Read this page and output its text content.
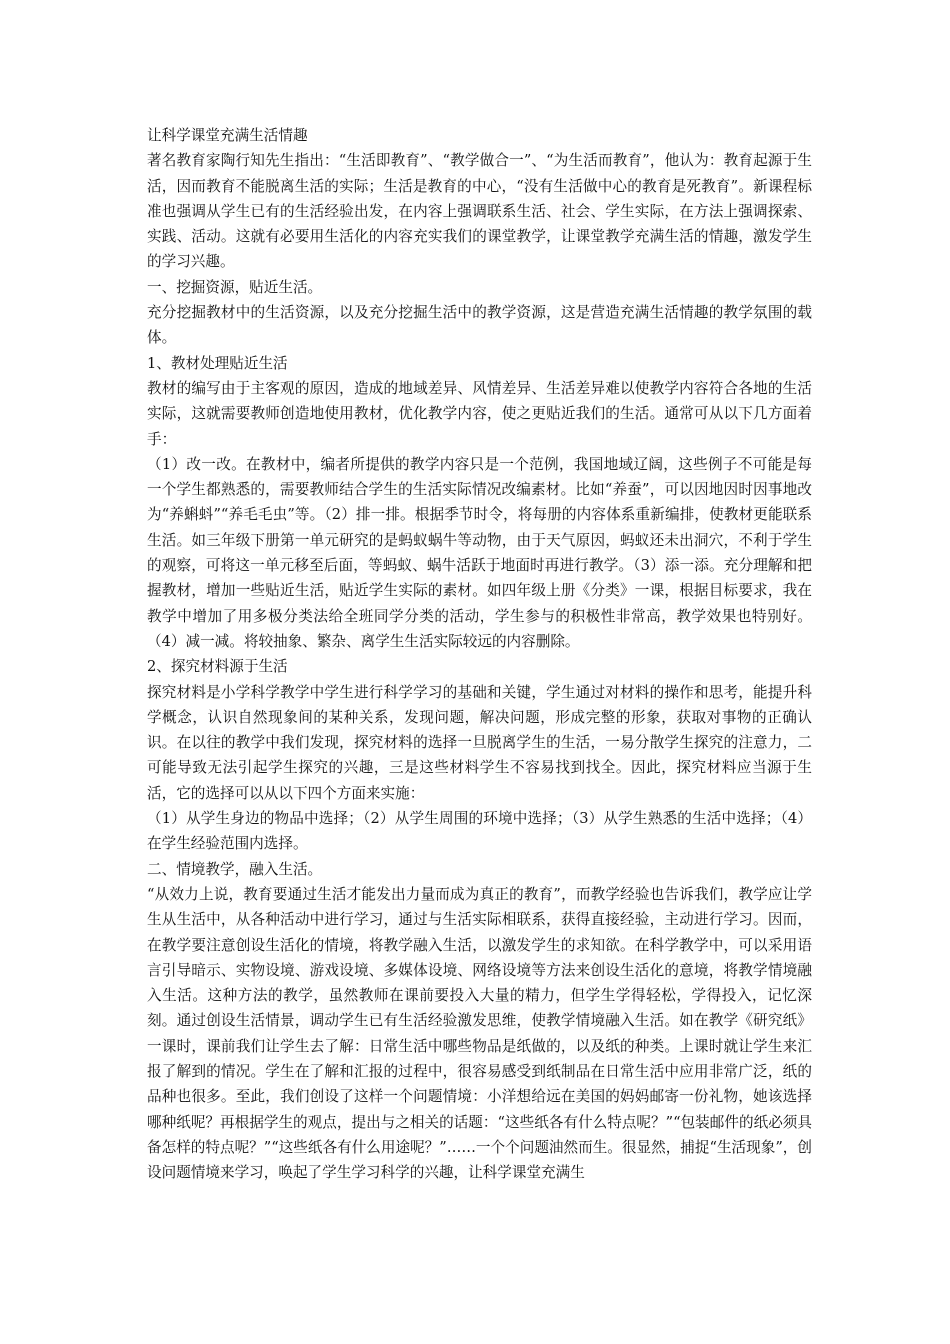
让科学课堂充满生活情趣

著名教育家陶行知先生指出：“生活即教育”、“教学做合一”、“为生活而教育”，他认为：教育起源于生活，因而教育不能脱离生活的实际；生活是教育的中心，“没有生活做中心的教育是死教育”。新课程标准也强调从学生已有的生活经验出发，在内容上强调联系生活、社会、学生实际，在方法上强调探索、实践、活动。这就有必要用生活化的内容充实我们的课堂教学，让课堂教学充满生活的情趣，激发学生的学习兴趣。

一、挖掘资源，贴近生活。

充分挖掘教材中的生活资源，以及充分挖掘生活中的教学资源，这是营造充满生活情趣的教学氛围的载体。

1、教材处理贴近生活

教材的编写由于主客观的原因，造成的地域差异、风情差异、生活差异难以使教学内容符合各地的生活实际，这就需要教师创造地使用教材，优化教学内容，使之更贴近我们的生活。通常可从以下几方面着手：

（1）改一改。在教材中，编者所提供的教学内容只是一个范例，我国地域辽阔，这些例子不可能是每一个学生都熟悉的，需要教师结合学生的生活实际情况改编素材。比如“养蚕”，可以因地因时因事地改为“养蝌蚪”“养毛毛虫”等。（2）排一排。根据季节时令，将每册的内容体系重新编排，使教材更能联系生活。如三年级下册第一单元研究的是蚂蚁蜗牛等动物，由于天气原因，蚂蚁还未出洞穴，不利于学生的观察，可将这一单元移至后面，等蚂蚁、蜗牛活跃于地面时再进行教学。（3）添一添。充分理解和把握教材，增加一些贴近生活，贴近学生实际的素材。如四年级上册《分类》一课，根据目标要求，我在教学中增加了用多极分类法给全班同学分类的活动，学生参与的积极性非常高，教学效果也特别好。（4）减一减。将较抽象、繁杂、离学生生活实际较远的内容删除。

2、探究材料源于生活

探究材料是小学科学教学中学生进行科学学习的基础和关键，学生通过对材料的操作和思考，能提升科学概念，认识自然现象间的某种关系，发现问题，解决问题，形成完整的形象，获取对事物的正确认识。在以往的教学中我们发现，探究材料的选择一旦脱离学生的生活，一易分散学生探究的注意力，二可能导致无法引起学生探究的兴趣，三是这些材料学生不容易找到找全。因此，探究材料应当源于生活，它的选择可以从以下四个方面来实施：

（1）从学生身边的物品中选择；（2）从学生周围的环境中选择；（3）从学生熟悉的生活中选择；（4）在学生经验范围内选择。

二、情境教学，融入生活。

“从效力上说，教育要通过生活才能发出力量而成为真正的教育”，而教学经验也告诉我们，教学应让学生从生活中，从各种活动中进行学习，通过与生活实际相联系，获得直接经验，主动进行学习。因而，在教学要注意创设生活化的情境，将教学融入生活，以激发学生的求知欲。在科学教学中，可以采用语言引导暗示、实物设境、游戏设境、多媒体设境、网络设境等方法来创设生活化的意境，将教学情境融入生活。这种方法的教学，虽然教师在课前要投入大量的精力，但学生学得轻松，学得投入，记忆深刻。通过创设生活情景，调动学生已有生活经验激发思维，使教学情境融入生活。如在教学《研究纸》一课时，课前我们让学生去了解：日常生活中哪些物品是纸做的，以及纸的种类。上课时就让学生来汇报了解到的情况。学生在了解和汇报的过程中，很容易感受到纸制品在日常生活中应用非常广泛，纸的品种也很多。至此，我们创设了这样一个问题情境：小洋想给远在美国的妈妈邮寄一份礼物，她该选择哪种纸呢？再根据学生的观点，提出与之相关的话题：“这些纸各有什么特点呢？”“包装邮件的纸必须具备怎样的特点呢？”“这些纸各有什么用途呢？”……一个个问题油然而生。很显然，捕捉“生活现象”，创设问题情境来学习，唤起了学生学习科学的兴趣，让科学课堂充满生
